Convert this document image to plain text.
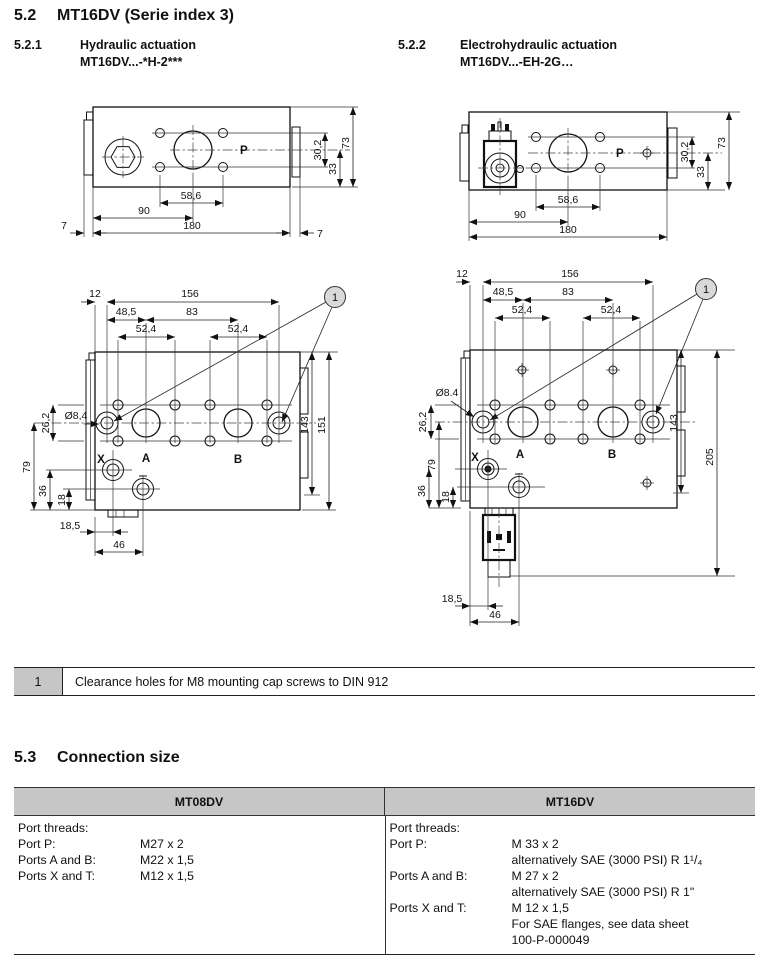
5.2 MT16DV (Serie index 3)
5.2.1	Hydraulic actuation
MT16DV...-*H-2***
5.2.2	Electrohydraulic actuation
MT16DV...-EH-2G…
P	30,2
33
73
58,6
90
180
7
7
P	30,2
33
73
58,6
90
180
1
12	156
48,5	83
52,4	52,4
Ø8,4
26,2
79
36
18
18,5
46
143 151
X	A	B
1
12	156
48,5	83
52,4	52,4
Ø8.4
26,2
79
36
18
18,5
46
143
205
X	A	B
1	Clearance holes for M8 mounting cap screws to DIN 912
5.3 Connection size
MT08DV	MT16DV
Port threads:
Port P:	M27 x 2
Ports A and B:	M22 x 1,5
Ports X and T:	M12 x 1,5
Port threads:
Port P:	M 33 x 2
alternatively SAE (3000 PSI) R 1¹/₄
Ports A and B:	M 27 x 2
alternatively SAE (3000 PSI) R 1"
Ports X and T:	M 12 x 1,5
For SAE flanges, see data sheet
100-P-000049
